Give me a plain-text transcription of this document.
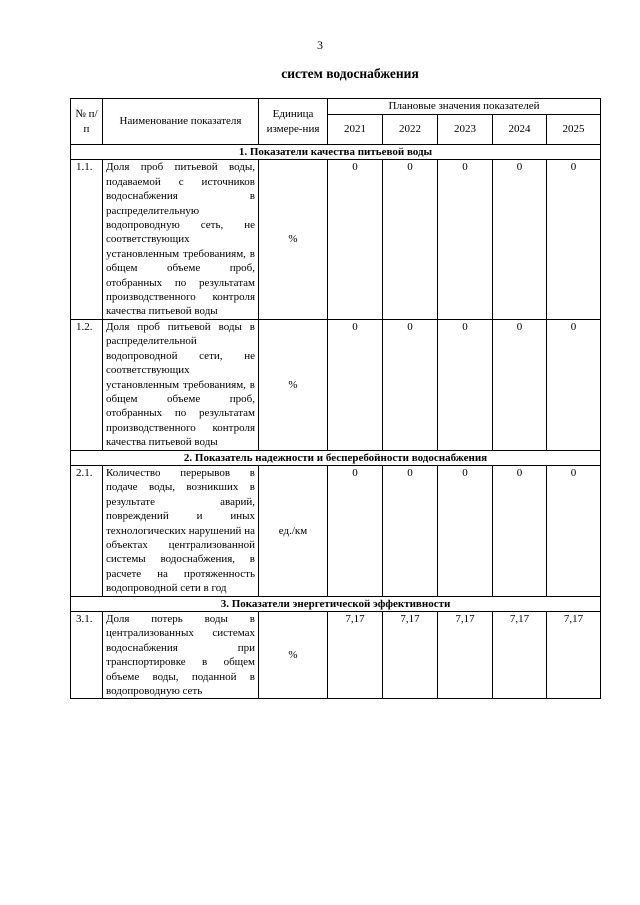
3
систем водоснабжения
№ п/п	Наименование показателя	Единица измере-ния	Плановые значения показателей				
			2021	2022	2023	2024	2025
1. Показатели качества питьевой воды							
1.1.	Доля проб питьевой воды, подаваемой с источников водоснабжения в распределительную водопроводную сеть, не соответствующих установленным требованиям, в общем объеме проб, отобранных по результатам производственного контроля качества питьевой воды	%	0	0	0	0	0
1.2.	Доля проб питьевой воды в распределительной водопроводной сети, не соответствующих установленным требованиям, в общем объеме проб, отобранных по результатам производственного контроля качества питьевой воды	%	0	0	0	0	0
2. Показатель надежности и бесперебойности водоснабжения							
2.1.	Количество перерывов в подаче воды, возникших в результате аварий, повреждений и иных технологических нарушений на объектах централизованной системы водоснабжения, в расчете на протяженность водопроводной сети в год	ед./км	0	0	0	0	0
3. Показатели энергетической эффективности							
3.1.	Доля потерь воды в централизованных системах водоснабжения при транспортировке в общем объеме воды, поданной в водопроводную сеть	%	7,17	7,17	7,17	7,17	7,17
